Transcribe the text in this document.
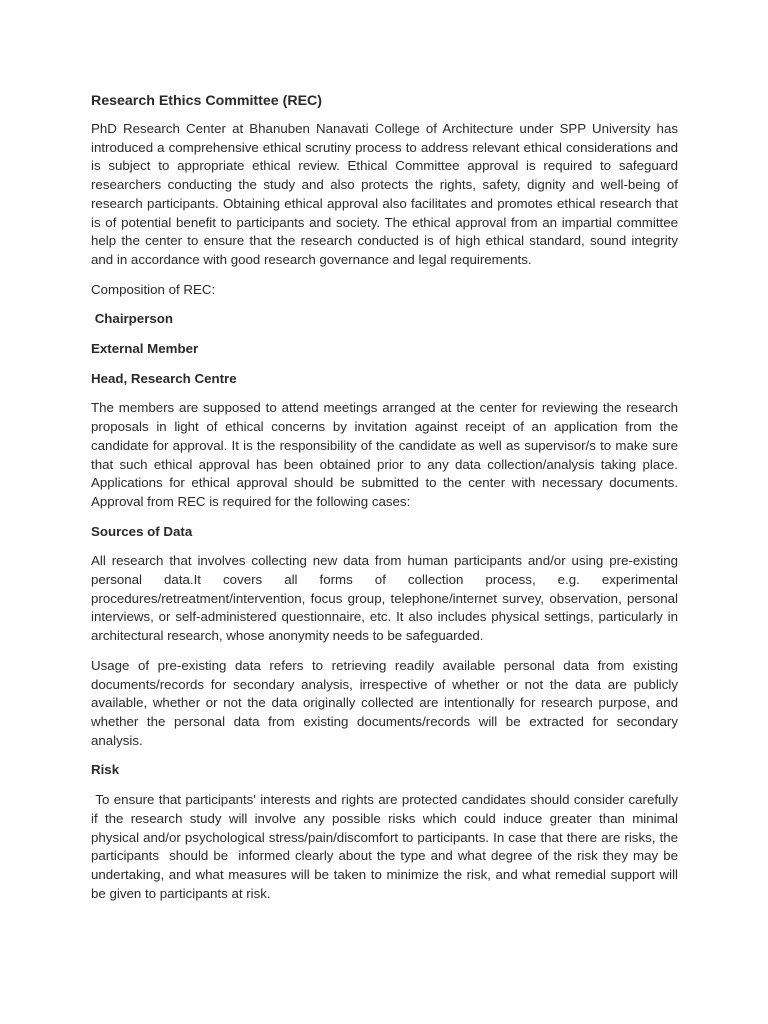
Research Ethics Committee (REC)

PhD Research Center at Bhanuben Nanavati College of Architecture under SPP University has introduced a comprehensive ethical scrutiny process to address relevant ethical considerations and is subject to appropriate ethical review. Ethical Committee approval is required to safeguard researchers conducting the study and also protects the rights, safety, dignity and well-being of research participants. Obtaining ethical approval also facilitates and promotes ethical research that is of potential benefit to participants and society. The ethical approval from an impartial committee help the center to ensure that the research conducted is of high ethical standard, sound integrity and in accordance with good research governance and legal requirements.

Composition of REC:

Chairperson
External Member
Head, Research Centre

The members are supposed to attend meetings arranged at the center for reviewing the research proposals in light of ethical concerns by invitation against receipt of an application from the candidate for approval. It is the responsibility of the candidate as well as supervisor/s to make sure that such ethical approval has been obtained prior to any data collection/analysis taking place. Applications for ethical approval should be submitted to the center with necessary documents. Approval from REC is required for the following cases:

Sources of Data

All research that involves collecting new data from human participants and/or using pre-existing personal data.It covers all forms of collection process, e.g. experimental procedures/retreatment/intervention, focus group, telephone/internet survey, observation, personal interviews, or self-administered questionnaire, etc. It also includes physical settings, particularly in architectural research, whose anonymity needs to be safeguarded.

Usage of pre-existing data refers to retrieving readily available personal data from existing documents/records for secondary analysis, irrespective of whether or not the data are publicly available, whether or not the data originally collected are intentionally for research purpose, and whether the personal data from existing documents/records will be extracted for secondary analysis.

Risk

To ensure that participants' interests and rights are protected candidates should consider carefully if the research study will involve any possible risks which could induce greater than minimal physical and/or psychological stress/pain/discomfort to participants. In case that there are risks, the participants  should be  informed clearly about the type and what degree of the risk they may be undertaking, and what measures will be taken to minimize the risk, and what remedial support will be given to participants at risk.
